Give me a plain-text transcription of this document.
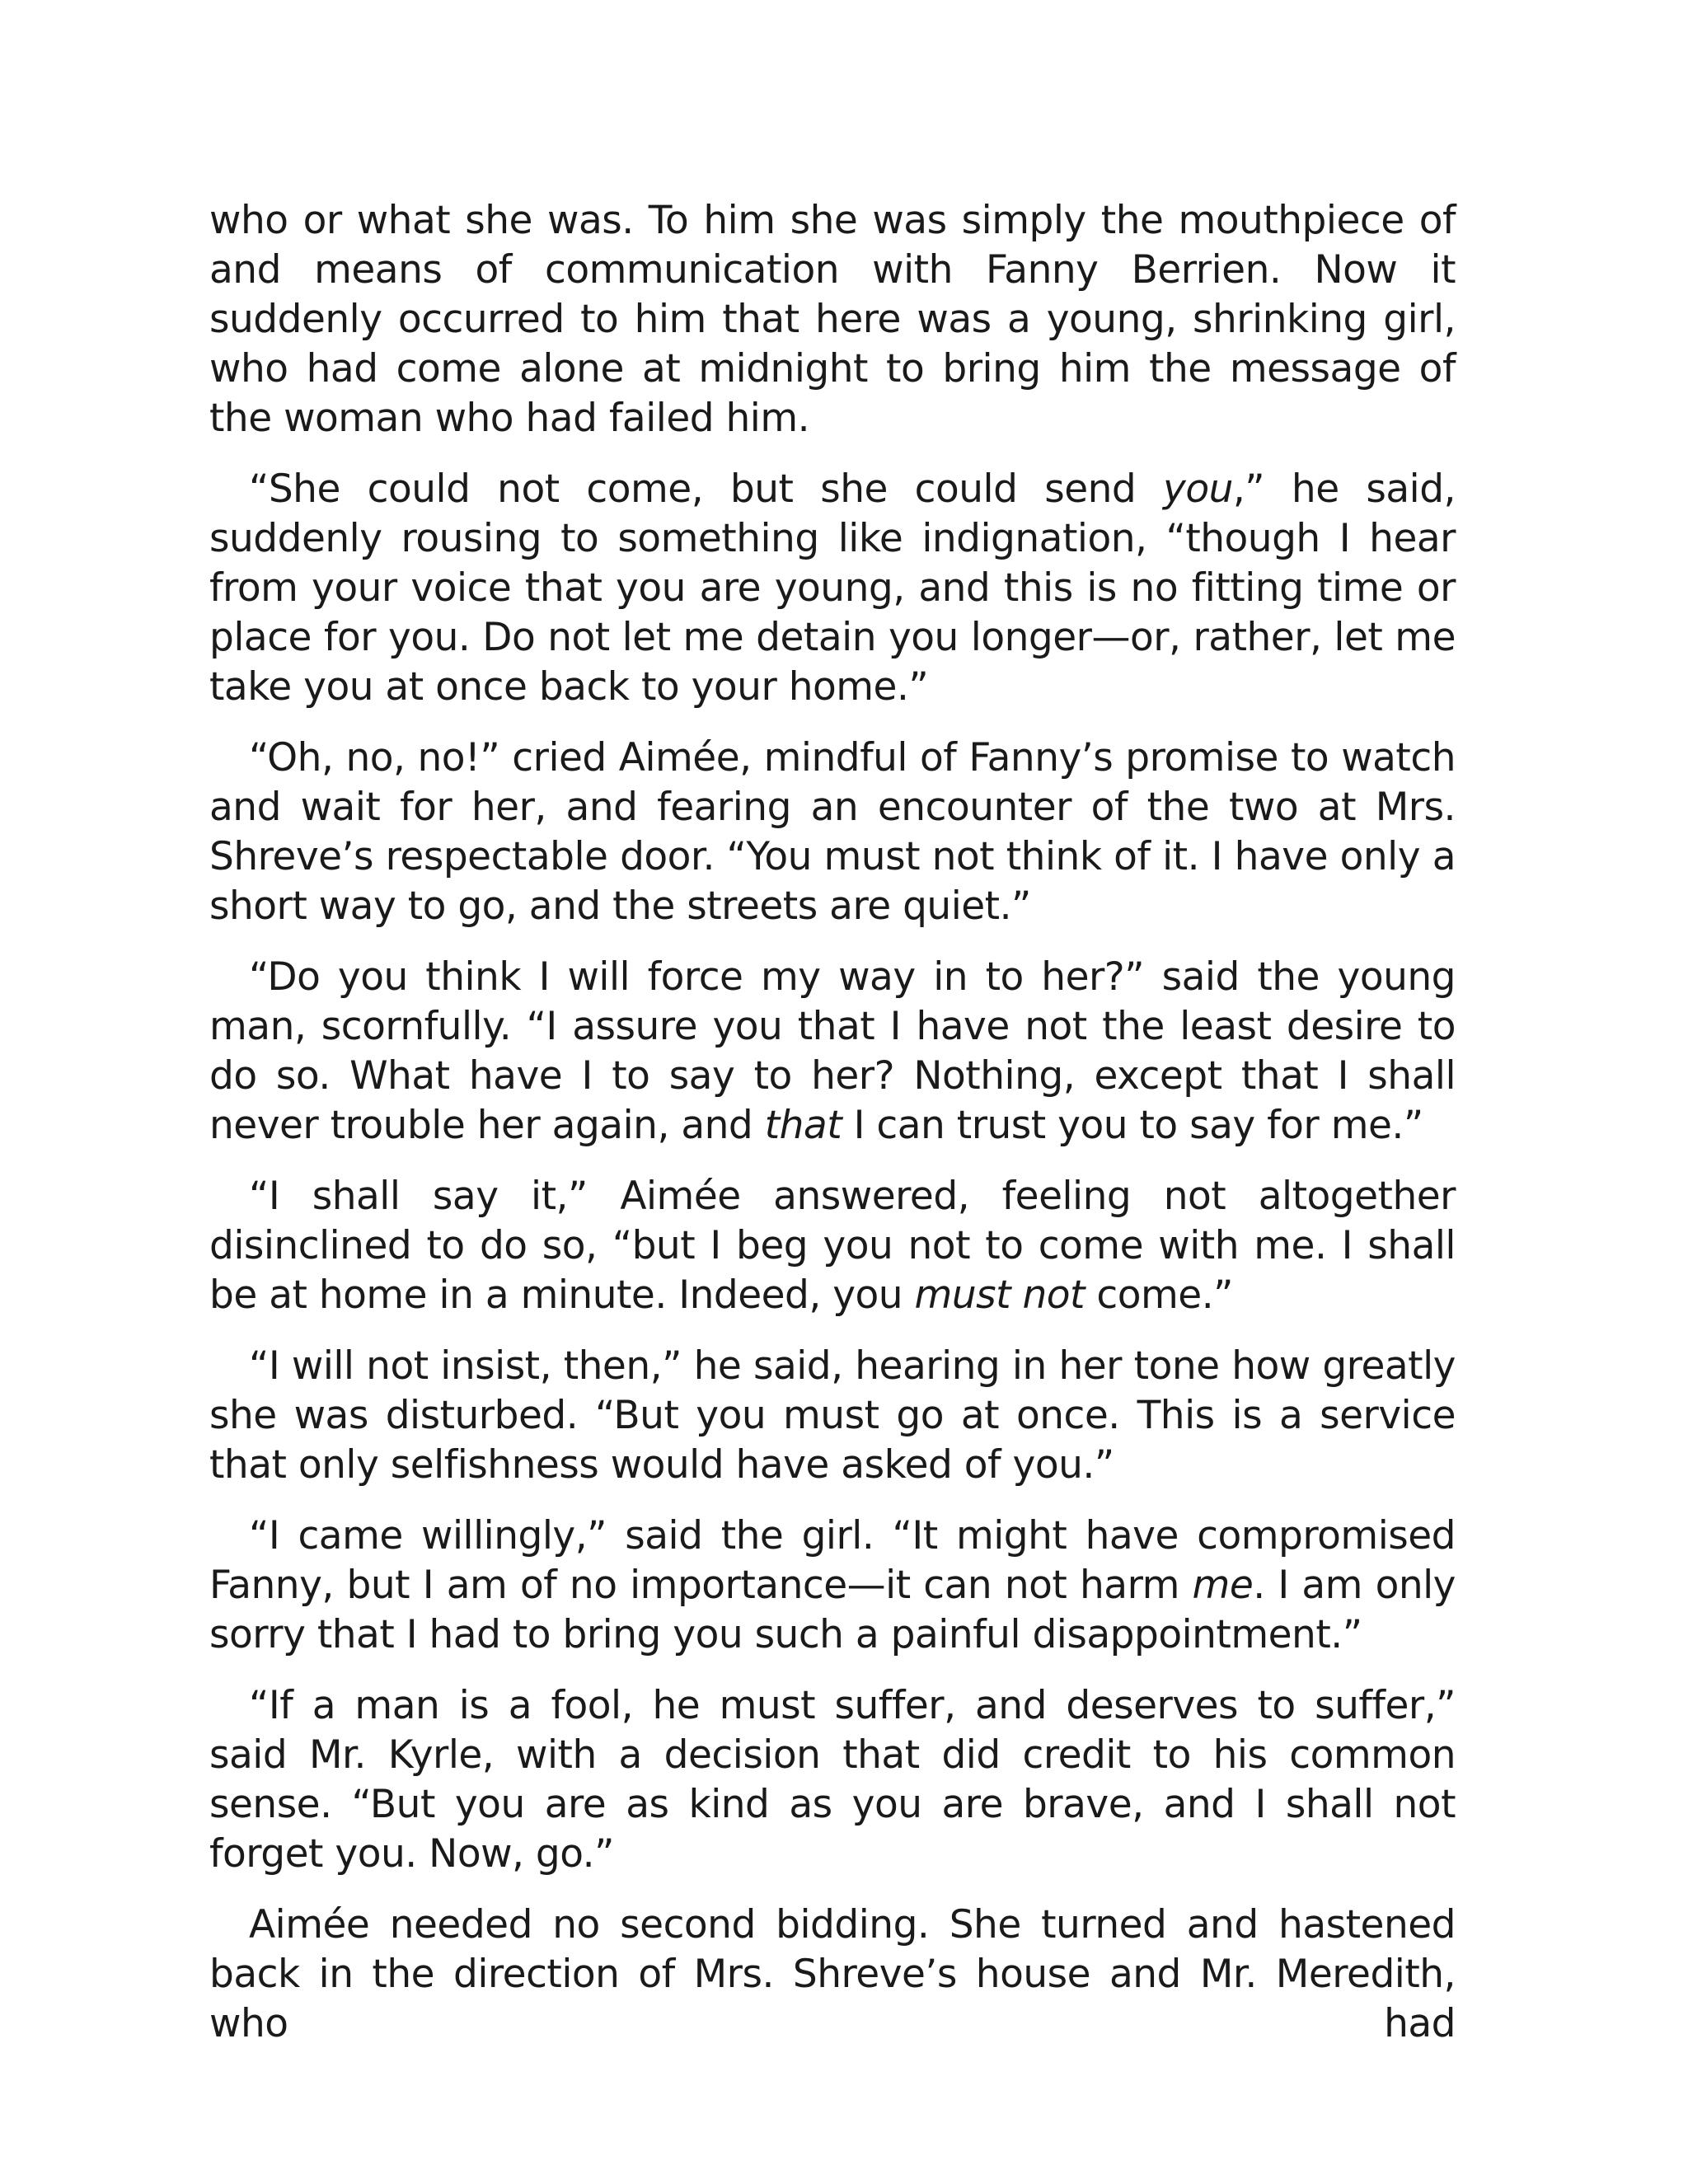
who or what she was. To him she was simply the mouthpiece of and means of communication with Fanny Berrien. Now it suddenly occurred to him that here was a young, shrinking girl, who had come alone at midnight to bring him the message of the woman who had failed him.

“She could not come, but she could send you,” he said, suddenly rousing to something like indignation, “though I hear from your voice that you are young, and this is no fitting time or place for you. Do not let me detain you longer—or, rather, let me take you at once back to your home.”

“Oh, no, no!” cried Aimée, mindful of Fanny’s promise to watch and wait for her, and fearing an encounter of the two at Mrs. Shreve’s respectable door. “You must not think of it. I have only a short way to go, and the streets are quiet.”

“Do you think I will force my way in to her?” said the young man, scornfully. “I assure you that I have not the least desire to do so. What have I to say to her? Nothing, except that I shall never trouble her again, and that I can trust you to say for me.”

“I shall say it,” Aimée answered, feeling not altogether disinclined to do so, “but I beg you not to come with me. I shall be at home in a minute. Indeed, you must not come.”

“I will not insist, then,” he said, hearing in her tone how greatly she was disturbed. “But you must go at once. This is a service that only selfishness would have asked of you.”

“I came willingly,” said the girl. “It might have compromised Fanny, but I am of no importance—it can not harm me. I am only sorry that I had to bring you such a painful disappointment.”

“If a man is a fool, he must suffer, and deserves to suffer,” said Mr. Kyrle, with a decision that did credit to his common sense. “But you are as kind as you are brave, and I shall not forget you. Now, go.”

Aimée needed no second bidding. She turned and hastened back in the direction of Mrs. Shreve’s house and Mr. Meredith, who had
